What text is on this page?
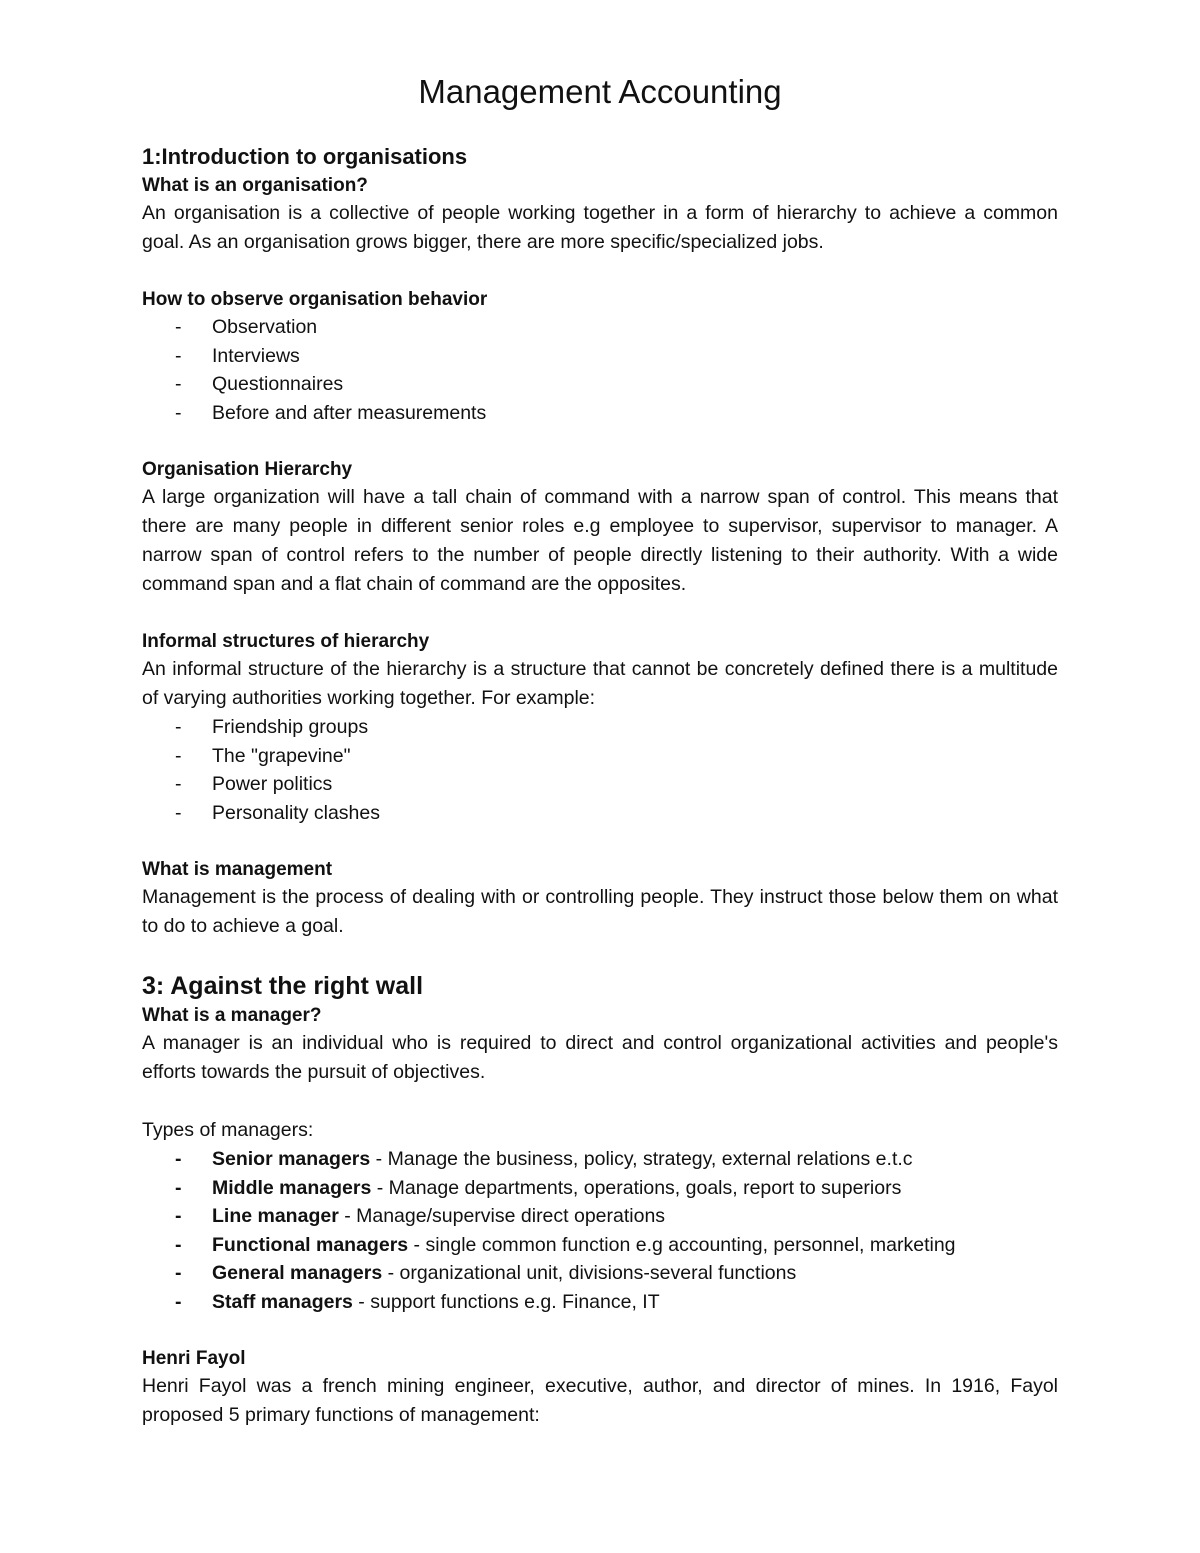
Management Accounting
1:Introduction to organisations
What is an organisation?

An organisation is a collective of people working together in a form of hierarchy to achieve a common goal. As an organisation grows bigger, there are more specific/specialized jobs.

How to observe organisation behavior
- Observation
- Interviews
- Questionnaires
- Before and after measurements
Organisation Hierarchy

A large organization will have a tall chain of command with a narrow span of control. This means that there are many people in different senior roles e.g employee to supervisor, supervisor to manager. A narrow span of control refers to the number of people directly listening to their authority. With a wide command span and a flat chain of command are the opposites.

Informal structures of hierarchy

An informal structure of the hierarchy is a structure that cannot be concretely defined there is a multitude of varying authorities working together. For example:

- Friendship groups
- The "grapevine"
- Power politics
- Personality clashes
What is management

Management is the process of dealing with or controlling people. They instruct those below them on what to do to achieve a goal.

3: Against the right wall
What is a manager?

A manager is an individual who is required to direct and control organizational activities and people's efforts towards the pursuit of objectives.

Types of managers:

- Senior managers - Manage the business, policy, strategy, external relations e.t.c
- Middle managers - Manage departments, operations, goals, report to superiors
- Line manager - Manage/supervise direct operations
- Functional managers - single common function e.g accounting, personnel, marketing
- General managers - organizational unit, divisions-several functions
- Staff managers - support functions e.g. Finance, IT
Henri Fayol

Henri Fayol was a french mining engineer, executive, author, and director of mines. In 1916, Fayol proposed 5 primary functions of management:
